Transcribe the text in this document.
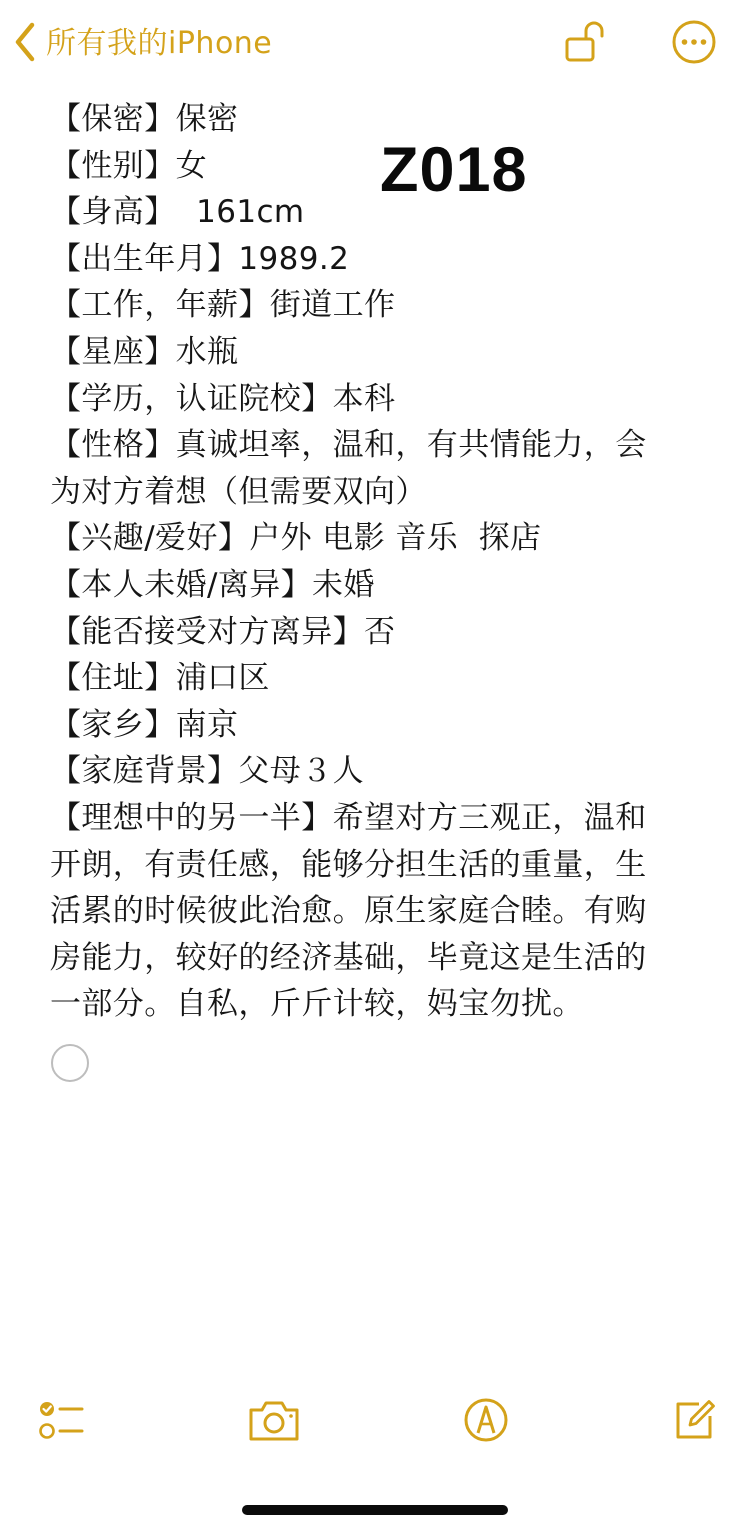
所有我的iPhone
【保密】保密
【性别】女
【身高】  161cm
【出生年月】1989.2
【工作，年薪】街道工作
【星座】水瓶
【学历，认证院校】本科
【性格】真诚坦率，温和，有共情能力，会
为对方着想（但需要双向）
【兴趣/爱好】户外 电影 音乐  探店
【本人未婚/离异】未婚
【能否接受对方离异】否
【住址】浦口区
【家乡】南京
【家庭背景】父母３人
【理想中的另一半】希望对方三观正，温和
开朗，有责任感，能够分担生活的重量，生
活累的时候彼此治愈。原生家庭合睦。有购
房能力，较好的经济基础，毕竟这是生活的
一部分。自私，斤斤计较，妈宝勿扰。
Z018
